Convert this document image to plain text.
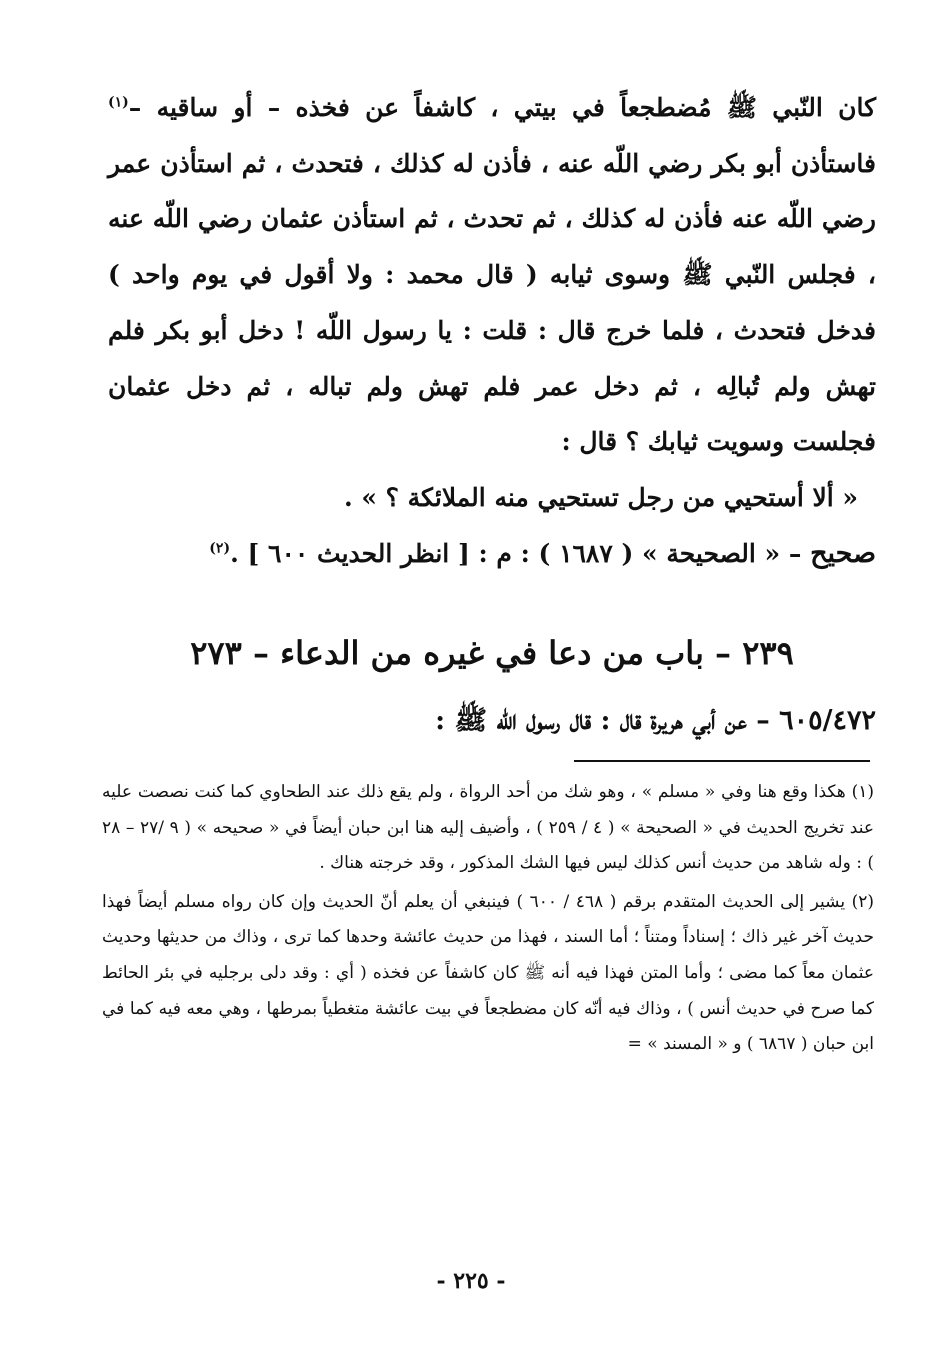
كان النّبي ﷺ مُضطجعاً في بيتي ، كاشفاً عن فخذه – أو ساقيه –$^{(١)}$ فاستأذن أبو بكر رضي اللّه عنه ، فأذن له كذلك ، فتحدث ، ثم استأذن عمر رضي اللّه عنه فأذن له كذلك ، ثم تحدث ، ثم استأذن عثمان رضي اللّه عنه ، فجلس النّبي ﷺ وسوى ثيابه ( قال محمد : ولا أقول في يوم واحد ) فدخل فتحدث ، فلما خرج قال : قلت : يا رسول اللّه ! دخل أبو بكر فلم تهش ولم تُبالِه ، ثم دخل عمر فلم تهش ولم تباله ، ثم دخل عثمان فجلست وسويت ثيابك ؟ قال :

« ألا أستحيي من رجل تستحيي منه الملائكة ؟ » .

صحيح – « الصحيحة » ( ١٦٨٧ ) : م : [ انظر الحديث ٦٠٠ ] .$^{(٢)}$

٢٣٩ – باب من دعا في غيره من الدعاء – ٢٧٣
٦٠٥/٤٧٢ – عن أبي هريرة قال : قال رسول اللّه ﷺ :

(١) هكذا وقع هنا وفي « مسلم » ، وهو شك من أحد الرواة ، ولم يقع ذلك عند الطحاوي كما كنت نصصت عليه عند تخريج الحديث في « الصحيحة » ( ٤ / ٢٥٩ ) ، وأضيف إليه هنا ابن حبان أيضاً في « صحيحه » ( ٩ /٢٧ – ٢٨ ) : وله شاهد من حديث أنس كذلك ليس فيها الشك المذكور ، وقد خرجته هناك .

(٢) يشير إلى الحديث المتقدم برقم ( ٤٦٨ / ٦٠٠ ) فينبغي أن يعلم أنّ الحديث وإن كان رواه مسلم أيضاً فهذا حديث آخر غير ذاك ؛ إسناداً ومتناً ؛ أما السند ، فهذا من حديث عائشة وحدها كما ترى ، وذاك من حديثها وحديث عثمان معاً كما مضى ؛ وأما المتن فهذا فيه أنه ﷺ كان كاشفاً عن فخذه ( أي : وقد دلى برجليه في بئر الحائط كما صرح في حديث أنس ) ، وذاك فيه أنّه كان مضطجعاً في بيت عائشة متغطياً بمرطها ، وهي معه فيه كما في ابن حبان ( ٦٨٦٧ ) و « المسند » =

- ٢٢٥ -
